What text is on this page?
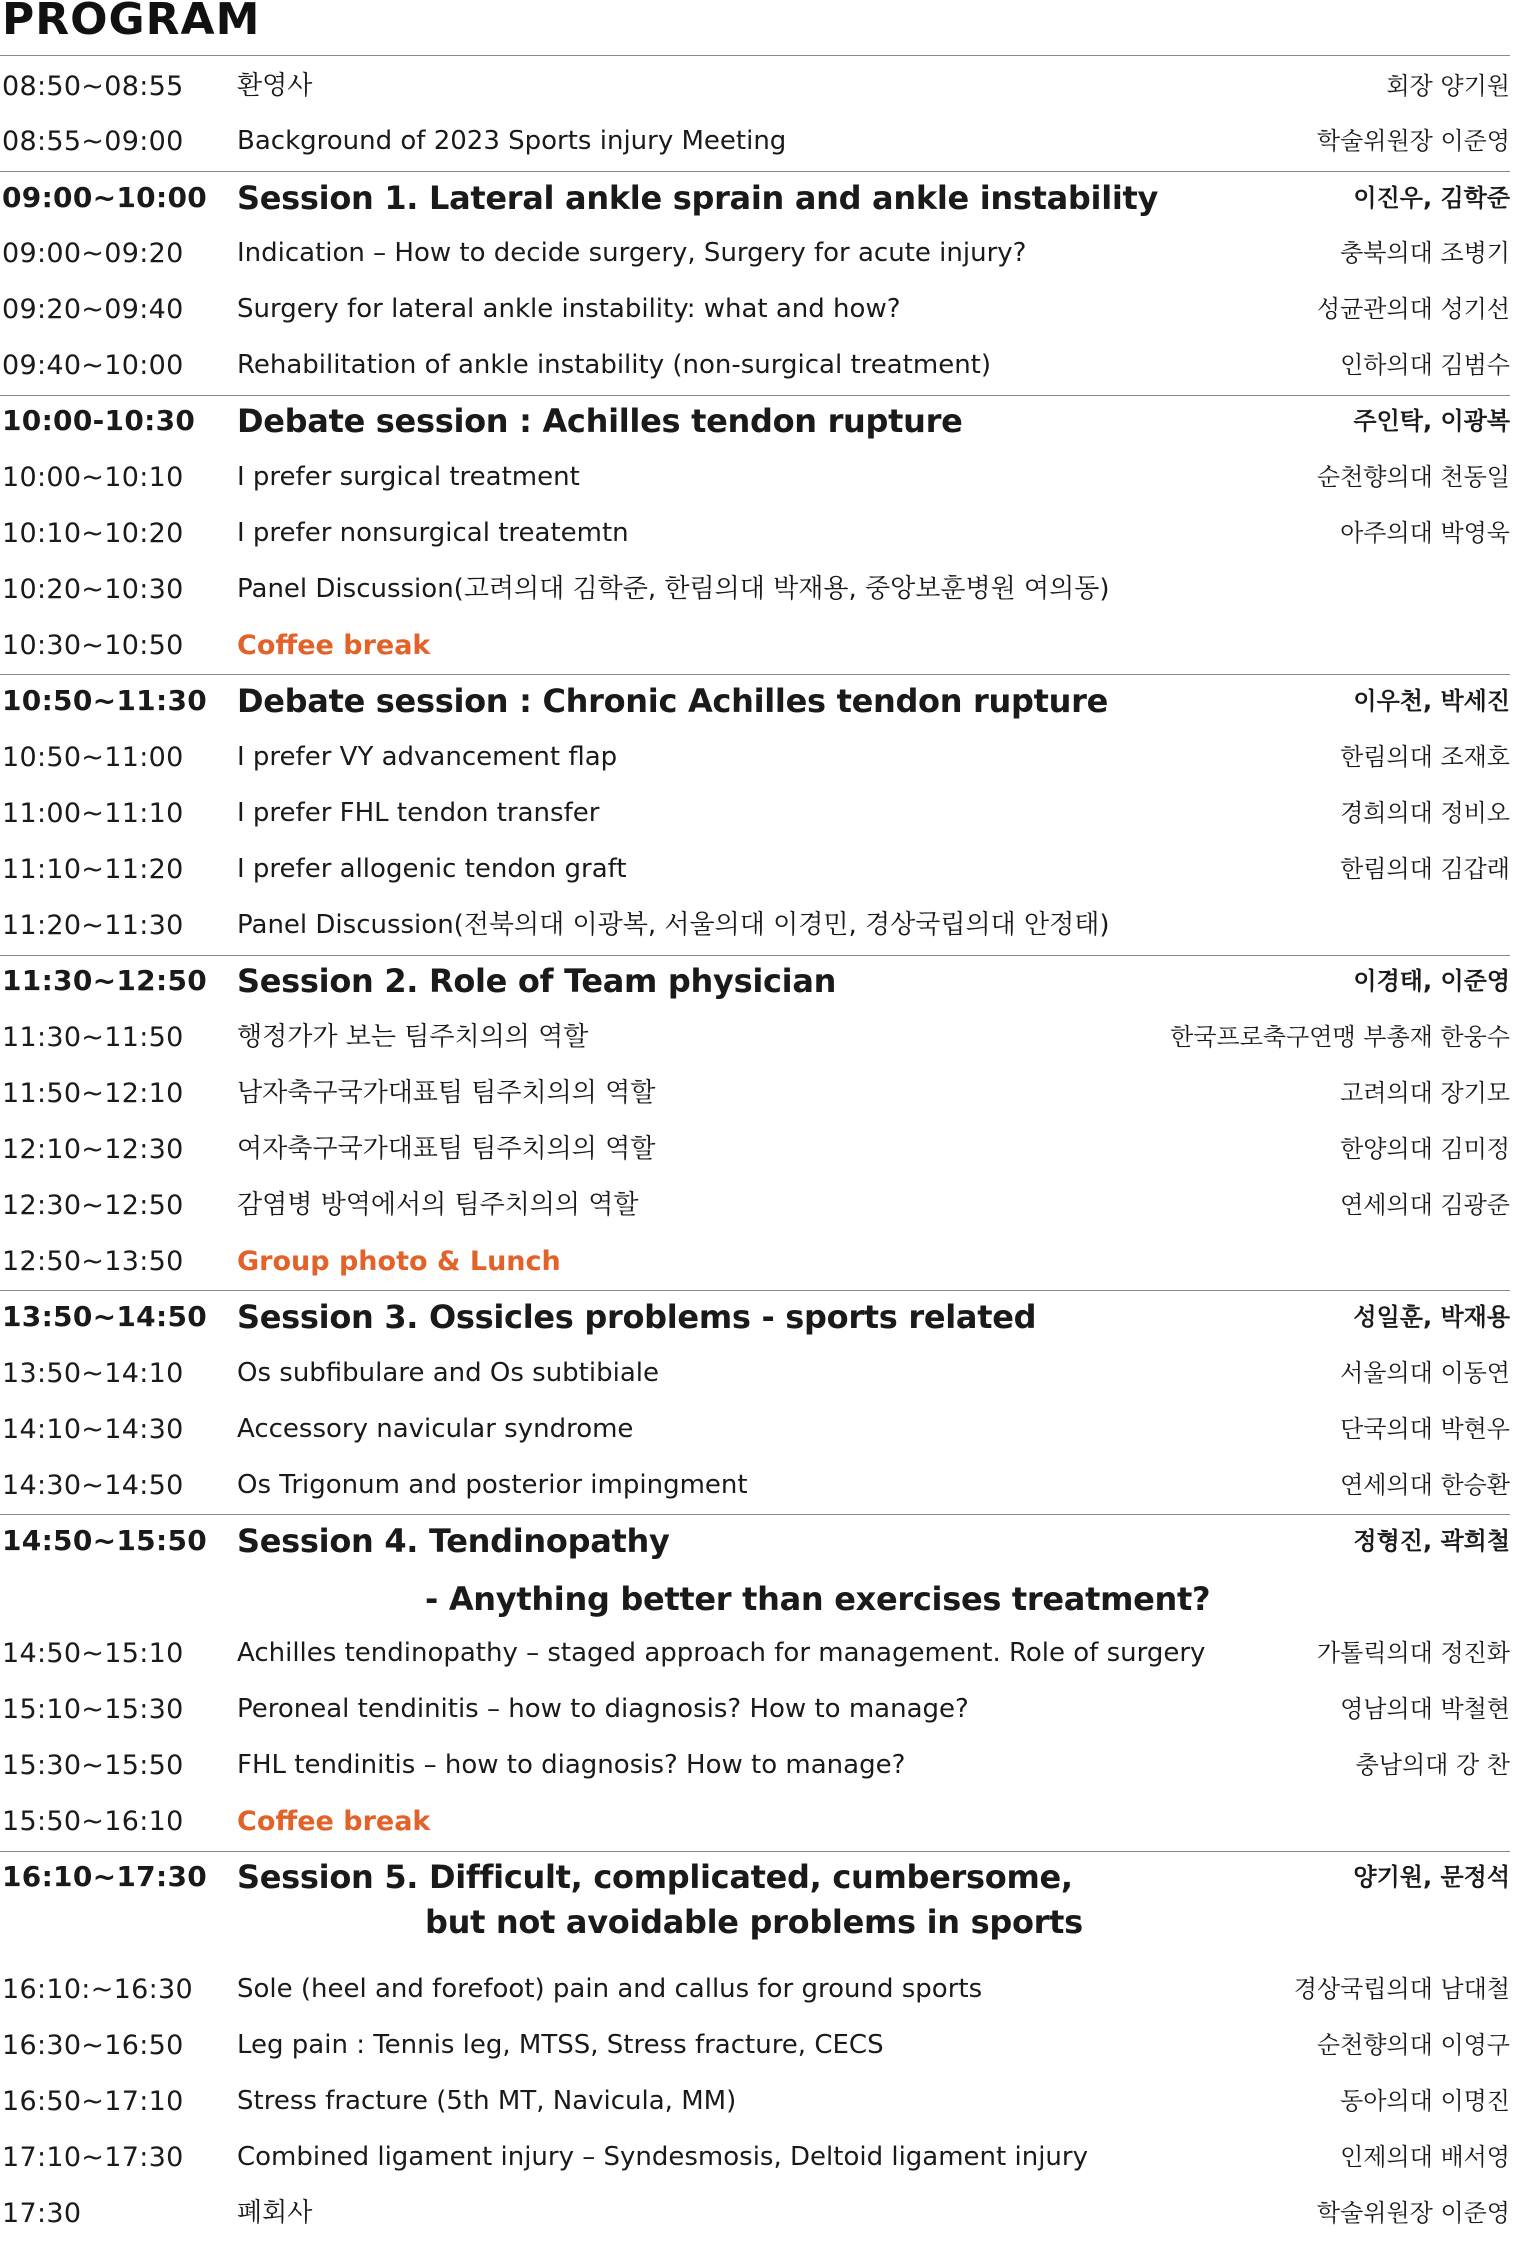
PROGRAM
08:50~08:55 환영사	회장 양기원
08:55~09:00 Background of 2023 Sports injury Meeting	학술위원장 이준영
09:00~10:00 Session 1. Lateral ankle sprain and ankle instability	이진우, 김학준
09:00~09:20 Indication – How to decide surgery, Surgery for acute injury?	충북의대 조병기
09:20~09:40 Surgery for lateral ankle instability: what and how?	성균관의대 성기선
09:40~10:00 Rehabilitation of ankle instability (non-surgical treatment)	인하의대 김범수
10:00-10:30 Debate session : Achilles tendon rupture	주인탁, 이광복
10:00~10:10 I prefer surgical treatment	순천향의대 천동일
10:10~10:20 I prefer nonsurgical treatemtn	아주의대 박영욱
10:20~10:30 Panel Discussion(고려의대 김학준, 한림의대 박재용, 중앙보훈병원 여의동)
10:30~10:50 Coffee break
10:50~11:30 Debate session : Chronic Achilles tendon rupture	이우천, 박세진
10:50~11:00 I prefer VY advancement flap	한림의대 조재호
11:00~11:10 I prefer FHL tendon transfer	경희의대 정비오
11:10~11:20 I prefer allogenic tendon graft	한림의대 김갑래
11:20~11:30 Panel Discussion(전북의대 이광복, 서울의대 이경민, 경상국립의대 안정태)
11:30~12:50 Session 2. Role of Team physician	이경태, 이준영
11:30~11:50 행정가가 보는 팀주치의의 역할	한국프로축구연맹 부총재 한웅수
11:50~12:10 남자축구국가대표팀 팀주치의의 역할	고려의대 장기모
12:10~12:30 여자축구국가대표팀 팀주치의의 역할	한양의대 김미정
12:30~12:50 감염병 방역에서의 팀주치의의 역할	연세의대 김광준
12:50~13:50 Group photo & Lunch
13:50~14:50 Session 3. Ossicles problems - sports related	성일훈, 박재용
13:50~14:10 Os subfibulare and Os subtibiale	서울의대 이동연
14:10~14:30 Accessory navicular syndrome	단국의대 박현우
14:30~14:50 Os Trigonum and posterior impingment	연세의대 한승환
14:50~15:50 Session 4. Tendinopathy	정형진, 곽희철
- Anything better than exercises treatment?
14:50~15:10 Achilles tendinopathy – staged approach for management. Role of surgery	가톨릭의대 정진화
15:10~15:30 Peroneal tendinitis – how to diagnosis? How to manage?	영남의대 박철현
15:30~15:50 FHL tendinitis – how to diagnosis? How to manage?	충남의대 강 찬
15:50~16:10 Coffee break
16:10~17:30 Session 5. Difficult, complicated, cumbersome,	양기원, 문정석
but not avoidable problems in sports
16:10:~16:30 Sole (heel and forefoot) pain and callus for ground sports	경상국립의대 남대철
16:30~16:50 Leg pain : Tennis leg, MTSS, Stress fracture, CECS	순천향의대 이영구
16:50~17:10 Stress fracture (5th MT, Navicula, MM)	동아의대 이명진
17:10~17:30 Combined ligament injury – Syndesmosis, Deltoid ligament injury	인제의대 배서영
17:30	폐회사	학술위원장 이준영
